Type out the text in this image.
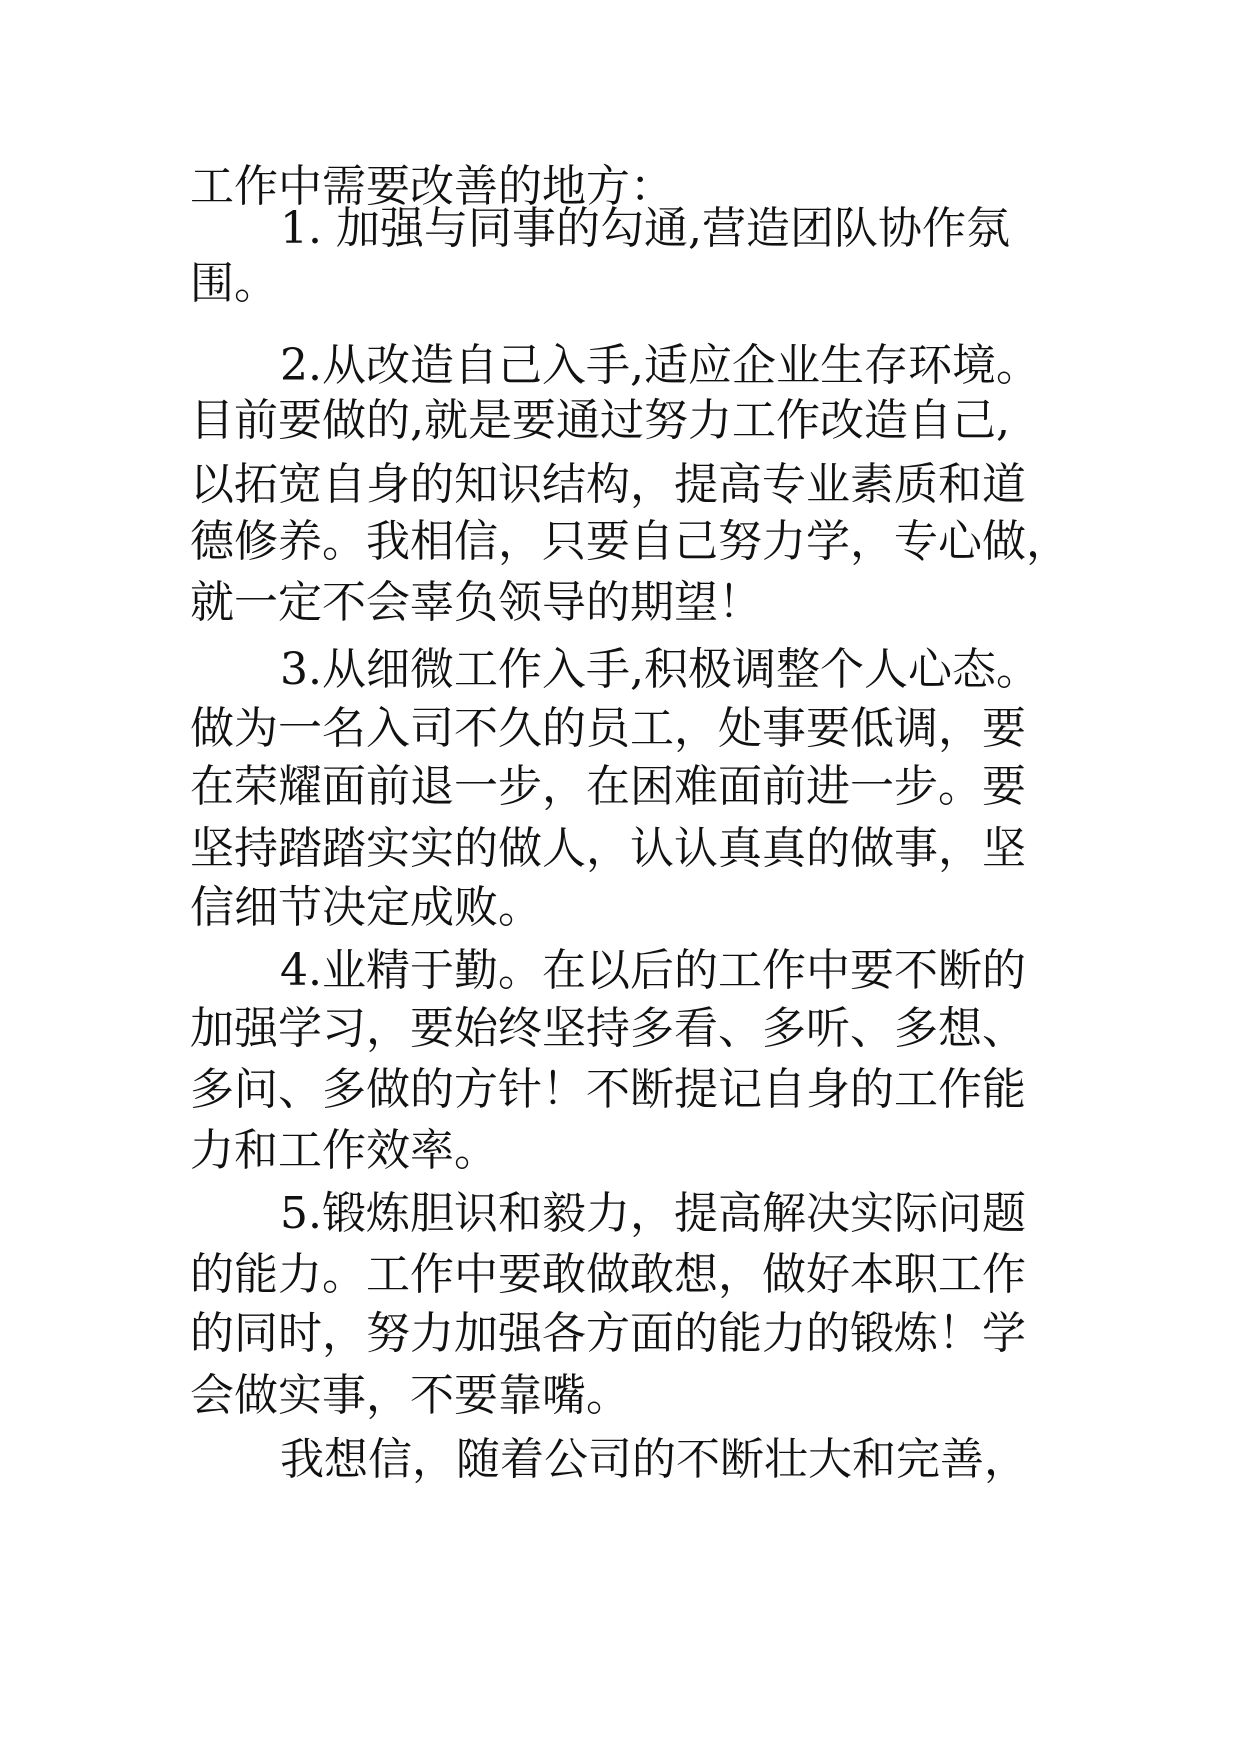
工作中需要改善的地方：
1. 加强与同事的勾通,营造团队协作氛
围。
2.从改造自己入手,适应企业生存环境。
目前要做的,就是要通过努力工作改造自己,
以拓宽自身的知识结构，提高专业素质和道
德修养。我相信，只要自己努力学，专心做，
就一定不会辜负领导的期望！
3.从细微工作入手,积极调整个人心态。
做为一名入司不久的员工，处事要低调，要
在荣耀面前退一步，在困难面前进一步。要
坚持踏踏实实的做人，认认真真的做事，坚
信细节决定成败。
4.业精于勤。在以后的工作中要不断的
加强学习，要始终坚持多看、多听、多想、
多问、多做的方针！不断提记自身的工作能
力和工作效率。
5.锻炼胆识和毅力，提高解决实际问题
的能力。工作中要敢做敢想，做好本职工作
的同时，努力加强各方面的能力的锻炼！学
会做实事，不要靠嘴。
我想信，随着公司的不断壮大和完善，
